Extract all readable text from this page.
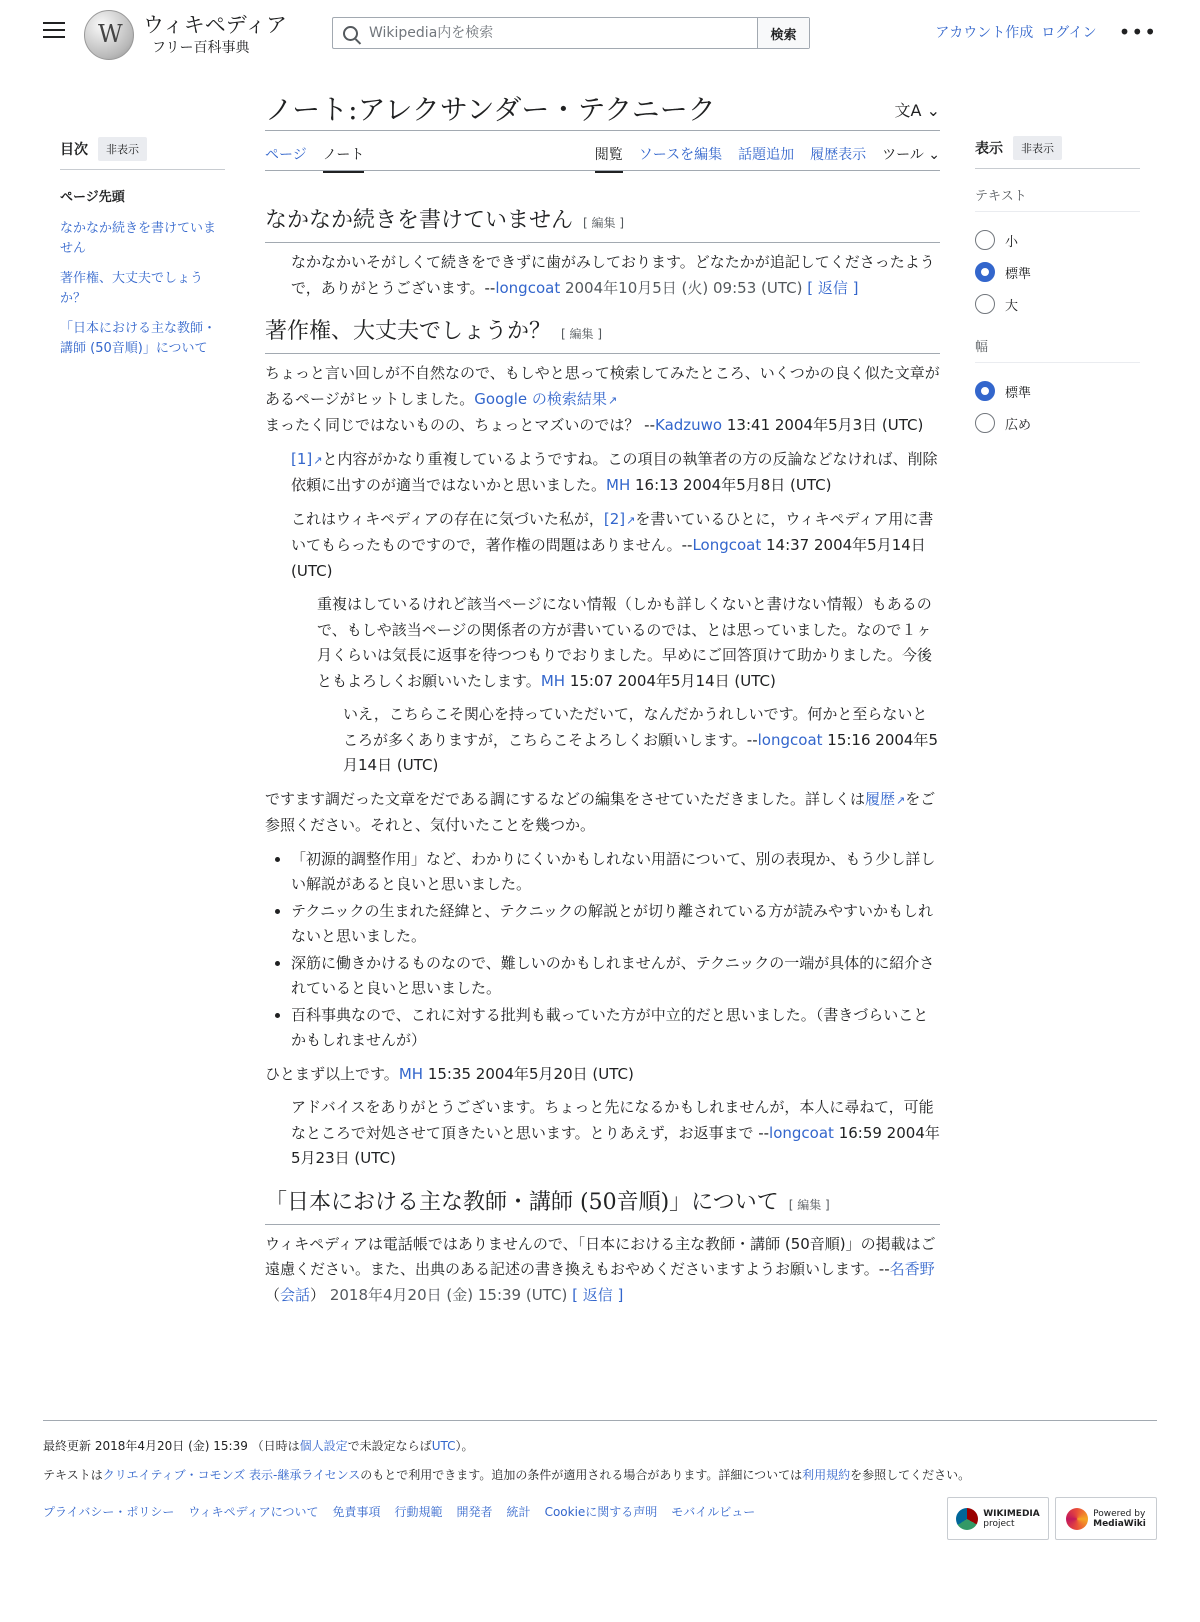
W
ウィキペディア
フリー百科事典
Wikipedia内を検索
検索	アカウント作成 ログイン •••
ノート:アレクサンダー・テクニーク	文A ⌄
ページ ノート	閲覧 ソースを編集 話題追加 履歴表示 ツール ⌄
目次	非表示
ページ先頭
なかなか続きを書けていません
著作権、大丈夫でしょうか？
「日本における主な教師・講師 (50音順)」について
表示	非表示
テキスト
小
標準
大
幅
標準
広め
なかなか続きを書けていません [ 編集 ]
なかなかいそがしくて続きをできずに歯がみしております。どなたかが追記してくださったようで，ありがとうございます。--longcoat 2004年10月5日 (火) 09:53 (UTC) [ 返信 ]
著作権、大丈夫でしょうか？ [ 編集 ]
ちょっと言い回しが不自然なので、もしやと思って検索してみたところ、いくつかの良く似た文章があるページがヒットしました。Google の検索結果 ↗
まったく同じではないものの、ちょっとマズいのでは？ --Kadzuwo 13:41 2004年5月3日 (UTC)
[1] ↗ と内容がかなり重複しているようですね。この項目の執筆者の方の反論などなければ、削除依頼に出すのが適当ではないかと思いました。MH 16:13 2004年5月8日 (UTC)
これはウィキペディアの存在に気づいた私が，[2] ↗ を書いているひとに，ウィキペディア用に書いてもらったものですので，著作権の問題はありません。--Longcoat 14:37 2004年5月14日 (UTC)
重複はしているけれど該当ページにない情報（しかも詳しくないと書けない情報）もあるので、もしや該当ページの関係者の方が書いているのでは、とは思っていました。なので１ヶ月くらいは気長に返事を待つつもりでおりました。早めにご回答頂けて助かりました。今後ともよろしくお願いいたします。MH 15:07 2004年5月14日 (UTC)
いえ，こちらこそ関心を持っていただいて，なんだかうれしいです。何かと至らないところが多くありますが，こちらこそよろしくお願いします。--longcoat 15:16 2004年5月14日 (UTC)
ですます調だった文章をだである調にするなどの編集をさせていただきました。詳しくは履歴 ↗ をご参照ください。それと、気付いたことを幾つか。
• 「初源的調整作用」など、わかりにくいかもしれない用語について、別の表現か、もう少し詳しい解説があると良いと思いました。
• テクニックの生まれた経緯と、テクニックの解説とが切り離されている方が読みやすいかもしれないと思いました。
• 深筋に働きかけるものなので、難しいのかもしれませんが、テクニックの一端が具体的に紹介されていると良いと思いました。
• 百科事典なので、これに対する批判も載っていた方が中立的だと思いました。（書きづらいことかもしれませんが）
ひとまず以上です。MH 15:35 2004年5月20日 (UTC)
アドバイスをありがとうございます。ちょっと先になるかもしれませんが，本人に尋ねて，可能なところで対処させて頂きたいと思います。とりあえず，お返事まで --longcoat 16:59 2004年5月23日 (UTC)
「日本における主な教師・講師 (50音順)」について [ 編集 ]
ウィキペディアは電話帳ではありませんので、「日本における主な教師・講師 (50音順)」の掲載はご遠慮ください。また、出典のある記述の書き換えもおやめくださいますようお願いします。--名香野（会話） 2018年4月20日 (金) 15:39 (UTC) [ 返信 ]
最終更新 2018年4月20日 (金) 15:39 （日時は個人設定で未設定ならばUTC）。
テキストはクリエイティブ・コモンズ 表示-継承ライセンスのもとで利用できます。追加の条件が適用される場合があります。詳細については利用規約を参照してください。
プライバシー・ポリシー ウィキペディアについて 免責事項 行動規範 開発者 統計 Cookieに関する声明 モバイルビュー	WIKIMEDIA
project
Powered by
MediaWiki
